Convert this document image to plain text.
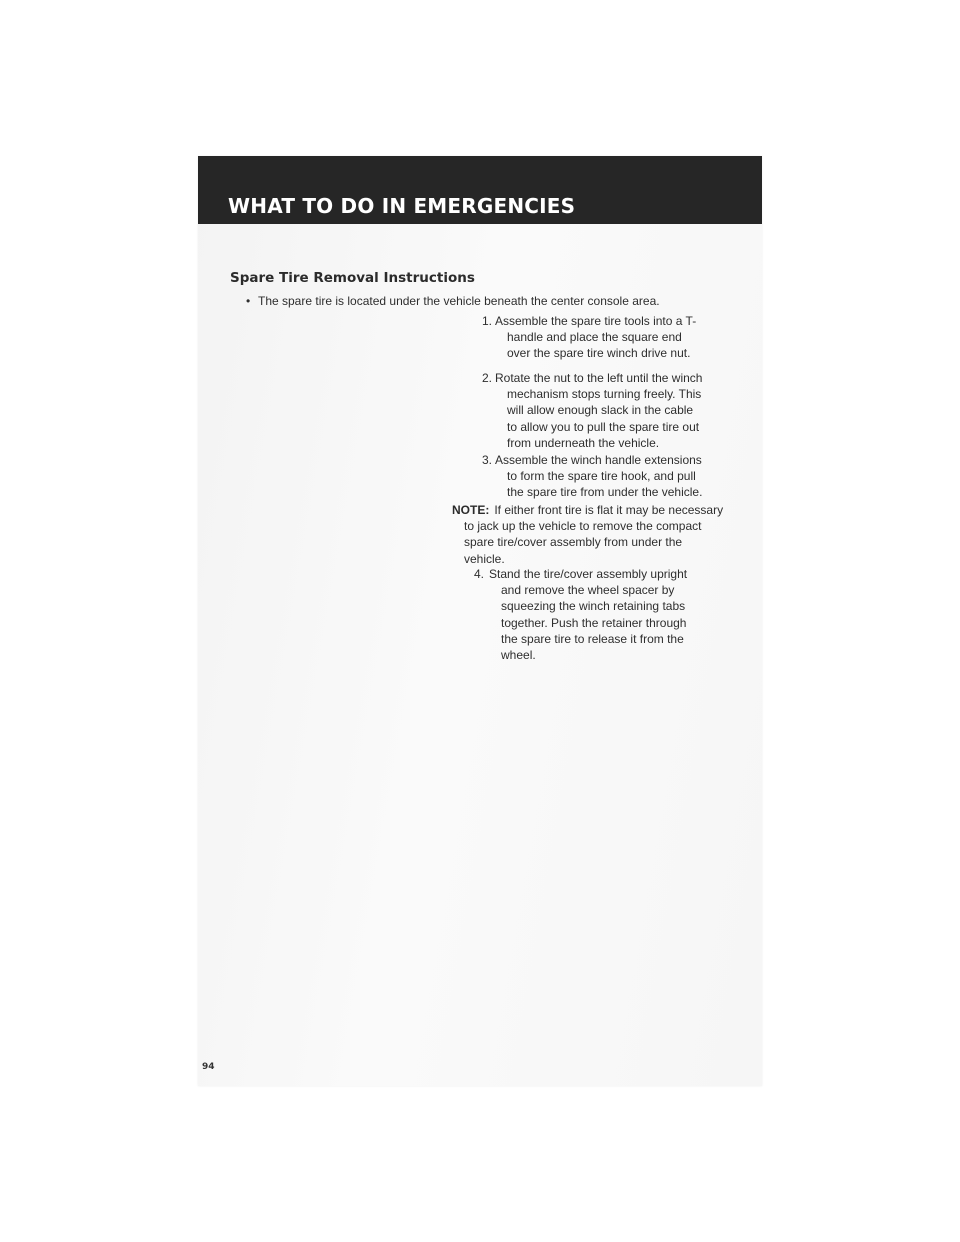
WHAT TO DO IN EMERGENCIES
Spare Tire Removal Instructions
• The spare tire is located under the vehicle beneath the center console area.
1. Assemble the spare tire tools into a T-handle and place the square end over the spare tire winch drive nut.
2. Rotate the nut to the left until the winch mechanism stops turning freely. This will allow enough slack in the cable to allow you to pull the spare tire out from underneath the vehicle.
3. Assemble the winch handle extensions to form the spare tire hook, and pull the spare tire from under the vehicle.
NOTE: If either front tire is flat it may be necessary to jack up the vehicle to remove the compact spare tire/cover assembly from under the vehicle.
4. Stand the tire/cover assembly upright and remove the wheel spacer by squeezing the winch retaining tabs together. Push the retainer through the spare tire to release it from the wheel.
94
